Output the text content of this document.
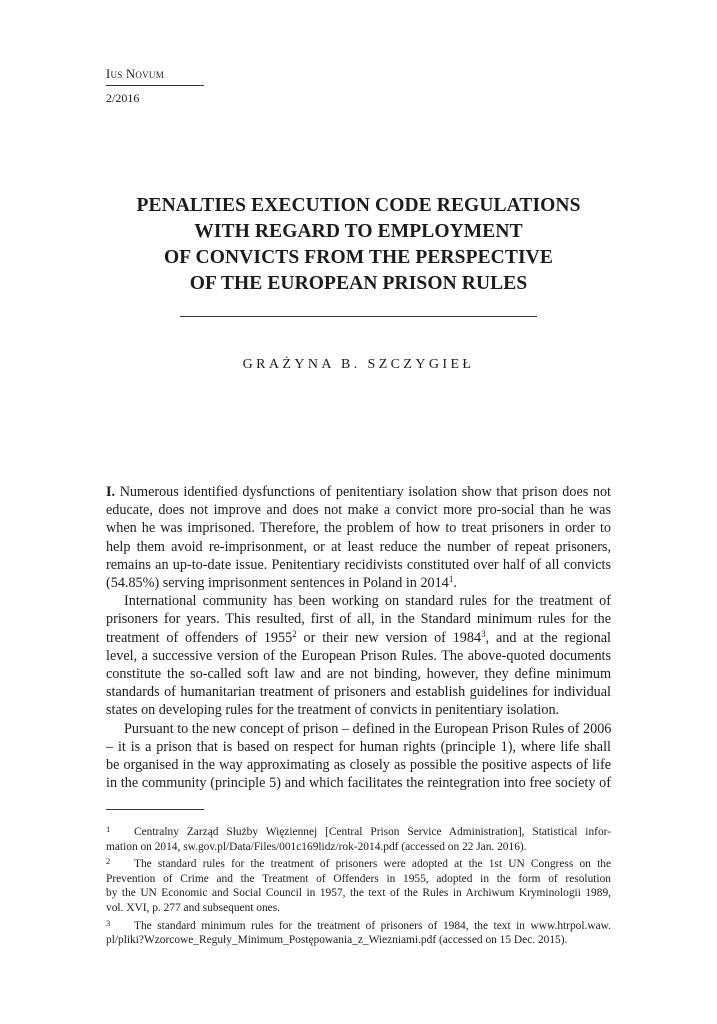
Ius Novum
2/2016
PENALTIES EXECUTION CODE REGULATIONS
WITH REGARD TO EMPLOYMENT
OF CONVICTS FROM THE PERSPECTIVE
OF THE EUROPEAN PRISON RULES
GRAŻYNA B. SZCZYGIEŁ

I. Numerous identified dysfunctions of penitentiary isolation show that prison does not
educate, does not improve and does not make a convict more pro-social than he was
when he was imprisoned. Therefore, the problem of how to treat prisoners in order to
help them avoid re-imprisonment, or at least reduce the number of repeat prisoners,
remains an up-to-date issue. Penitentiary recidivists constituted over half of all convicts
(54.85%) serving imprisonment sentences in Poland in 2014$^1$.

International community has been working on standard rules for the treatment of
prisoners for years. This resulted, first of all, in the Standard minimum rules for the
treatment of offenders of 1955$^2$ or their new version of 1984$^3$, and at the regional
level, a successive version of the European Prison Rules. The above-quoted documents
constitute the so-called soft law and are not binding, however, they define minimum
standards of humanitarian treatment of prisoners and establish guidelines for individual
states on developing rules for the treatment of convicts in penitentiary isolation.

Pursuant to the new concept of prison – defined in the European Prison Rules of 2006
– it is a prison that is based on respect for human rights (principle 1), where life shall
be organised in the way approximating as closely as possible the positive aspects of life
in the community (principle 5) and which facilitates the reintegration into free society of

1 Centralny Zarząd Służby Więziennej [Central Prison Service Administration], Statistical infor-
mation on 2014, sw.gov.pl/Data/Files/001c169lidz/rok-2014.pdf (accessed on 22 Jan. 2016).
2 The standard rules for the treatment of prisoners were adopted at the 1st UN Congress on the
Prevention of Crime and the Treatment of Offenders in 1955, adopted in the form of resolution
by the UN Economic and Social Council in 1957, the text of the Rules in Archiwum Kryminologii 1989,
vol. XVI, p. 277 and subsequent ones.
3 The standard minimum rules for the treatment of prisoners of 1984, the text in www.htrpol.waw.
pl/pliki?Wzorcowe_Reguły_Minimum_Postępowania_z_Wiezniami.pdf (accessed on 15 Dec. 2015).
